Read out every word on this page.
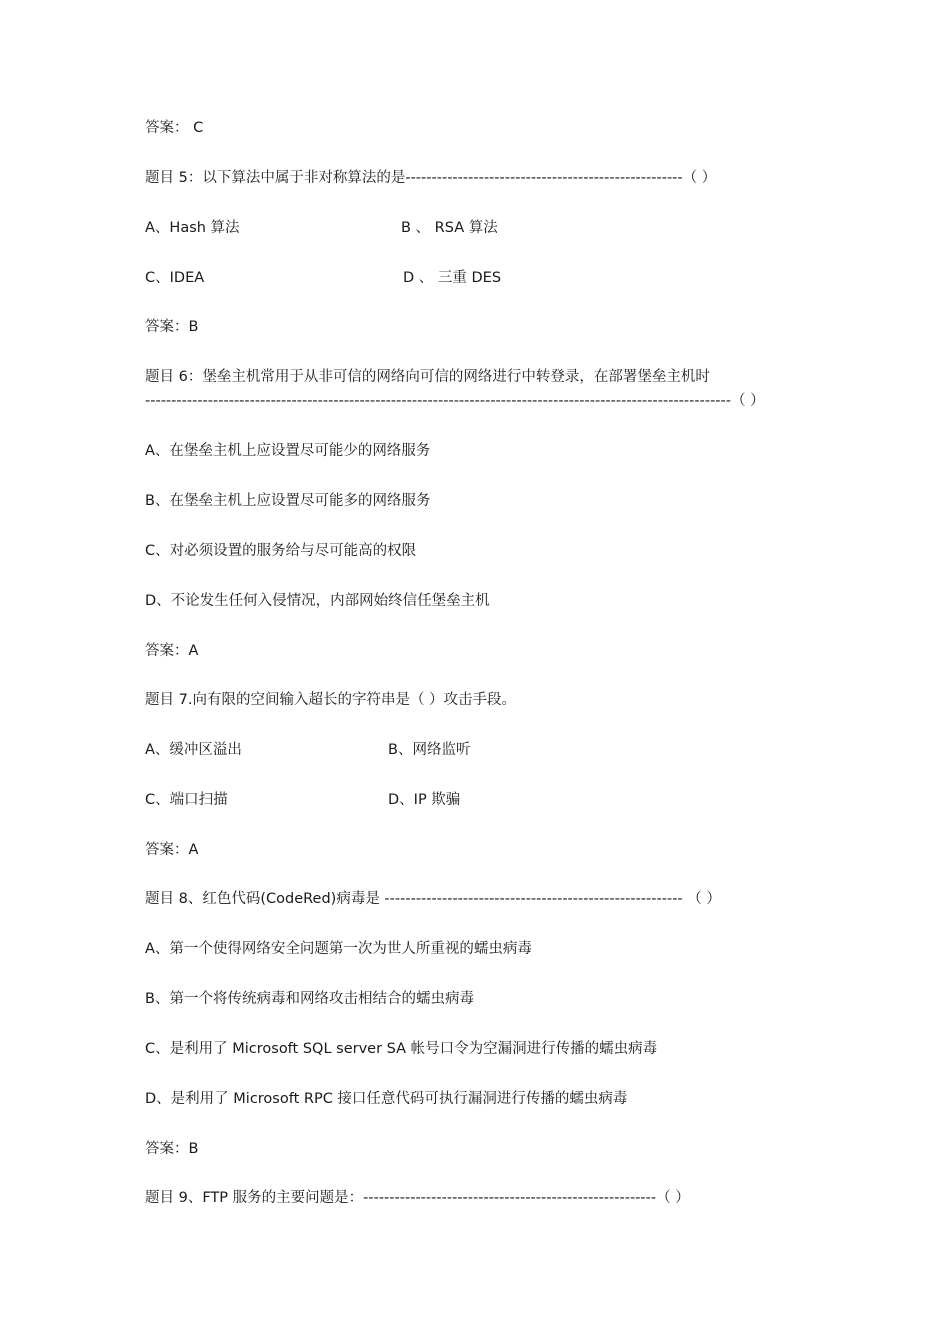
答案： C
题目 5：以下算法中属于非对称算法的是-----------------------------------------------------（ ）
A、Hash 算法	B 、 RSA 算法
C、IDEA	D 、 三重 DES
答案：B
题目 6：堡垒主机常用于从非可信的网络向可信的网络进行中转登录，在部署堡垒主机时
----------------------------------------------------------------------------------------------------------------（ ）
A、在堡垒主机上应设置尽可能少的网络服务
B、在堡垒主机上应设置尽可能多的网络服务
C、对必须设置的服务给与尽可能高的权限
D、不论发生任何入侵情况，内部网始终信任堡垒主机
答案：A
题目 7.向有限的空间输入超长的字符串是（ ）攻击手段。
A、缓冲区溢出	B、网络监听
C、端口扫描	D、IP 欺骗
答案：A
题目 8、红色代码(CodeRed)病毒是 --------------------------------------------------------- （ ）
A、第一个使得网络安全问题第一次为世人所重视的蠕虫病毒
B、第一个将传统病毒和网络攻击相结合的蠕虫病毒
C、是利用了 Microsoft SQL server SA 帐号口令为空漏洞进行传播的蠕虫病毒
D、是利用了 Microsoft RPC 接口任意代码可执行漏洞进行传播的蠕虫病毒
答案：B
题目 9、FTP 服务的主要问题是：--------------------------------------------------------（ ）
